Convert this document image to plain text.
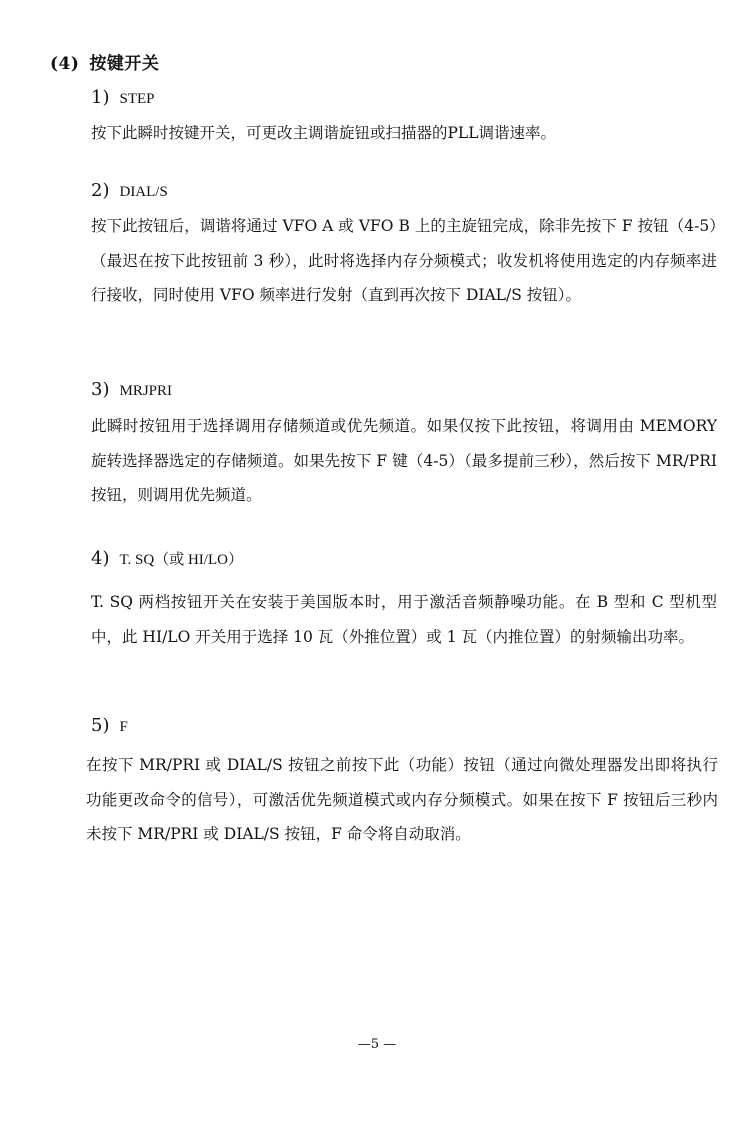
(4) 按键开关
1) STEP
按下此瞬时按键开关，可更改主调谐旋钮或扫描器的PLL调谐速率。
2) DIAL/S
按下此按钮后，调谐将通过 VFO A 或 VFO B 上的主旋钮完成，除非先按下 F 按钮（4-5）（最迟在按下此按钮前 3 秒），此时将选择内存分频模式；收发机将使用选定的内存频率进行接收，同时使用 VFO 频率进行发射（直到再次按下 DIAL/S 按钮）。
3) MRJPRI
此瞬时按钮用于选择调用存储频道或优先频道。如果仅按下此按钮，将调用由 MEMORY 旋转选择器选定的存储频道。如果先按下 F 键（4-5）（最多提前三秒），然后按下 MR/PRI 按钮，则调用优先频道。
4) T. SQ（或 HI/LO）
T. SQ 两档按钮开关在安装于美国版本时，用于激活音频静噪功能。在 B 型和 C 型机型中，此 HI/LO 开关用于选择 10 瓦（外推位置）或 1 瓦（内推位置）的射频输出功率。
5) F
在按下 MR/PRI 或 DIAL/S 按钮之前按下此（功能）按钮（通过向微处理器发出即将执行功能更改命令的信号），可激活优先频道模式或内存分频模式。如果在按下 F 按钮后三秒内未按下 MR/PRI 或 DIAL/S 按钮，F 命令将自动取消。
—5 —
